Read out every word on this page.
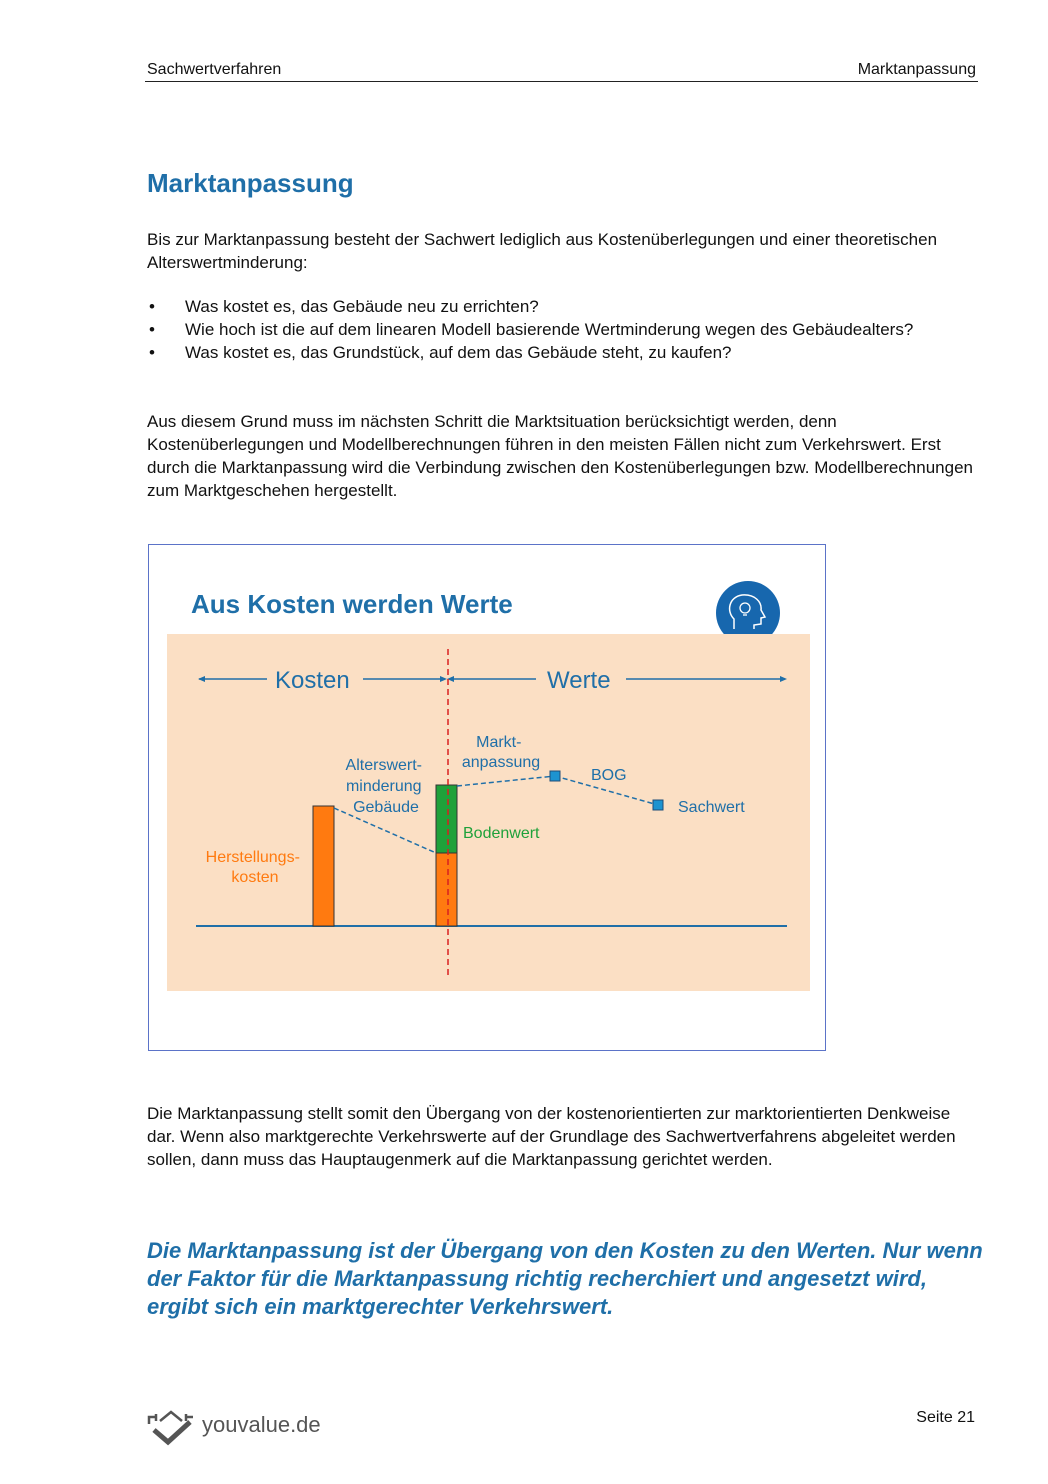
Sachwertverfahren	Marktanpassung
Marktanpassung

Bis zur Marktanpassung besteht der Sachwert lediglich aus Kostenüberlegungen und einer theoretischen Alterswertminderung:

• Was kostet es, das Gebäude neu zu errichten?
• Wie hoch ist die auf dem linearen Modell basierende Wertminderung wegen des Gebäudealters?
• Was kostet es, das Grundstück, auf dem das Gebäude steht, zu kaufen?

Aus diesem Grund muss im nächsten Schritt die Marktsituation berücksichtigt werden, denn Kostenüberlegungen und Modellberechnungen führen in den meisten Fällen nicht zum Verkehrswert. Erst durch die Marktanpassung wird die Verbindung zwischen den Kostenüberlegungen bzw. Modellberechnungen zum Marktgeschehen hergestellt.

Aus Kosten werden Werte
Kosten	Werte
Herstellungs- kosten
Alterswert- minderung Gebäude
Markt- anpassung
Bodenwert
BOG
Sachwert

Die Marktanpassung stellt somit den Übergang von der kostenorientierten zur marktorientierten Denkweise dar. Wenn also marktgerechte Verkehrswerte auf der Grundlage des Sachwertverfahrens abgeleitet werden sollen, dann muss das Hauptaugenmerk auf die Marktanpassung gerichtet werden.

Die Marktanpassung ist der Übergang von den Kosten zu den Werten. Nur wenn der Faktor für die Marktanpassung richtig recherchiert und angesetzt wird, ergibt sich ein marktgerechter Verkehrswert.

youvalue.de	Seite 21
